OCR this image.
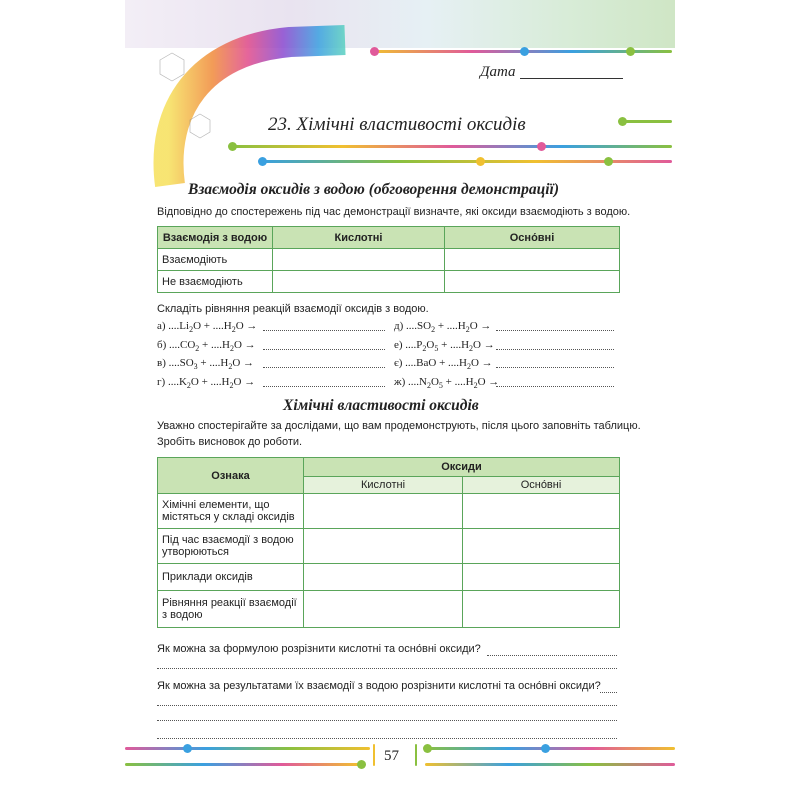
Дата
23. Хімічні властивості оксидів
Взаємодія оксидів з водою (обговорення демонстрації)
Відповідно до спостережень під час демонстрації визначте, які оксиди взаємодіють з водою.
Взаємодія з водою	Кислотні	Осно́вні
Взаємодіють		
Не взаємодіють		
Складіть рівняння реакцій взаємодії оксидів з водою.
Хімічні властивості оксидів
Уважно спостерігайте за дослідами, що вам продемонструють, після цього заповніть таблицю.
Зробіть висновок до роботи.
Ознака	Оксиди	
	Кислотні	Осно́вні
Хімічні елементи, що містяться у складі оксидів		
Під час взаємодії з водою утворюються		
Приклади оксидів		
Рівняння реакції взаємодії з водою		
Як можна за формулою розрізнити кислотні та осно́вні оксиди?
Як можна за результатами їх взаємодії з водою розрізнити кислотні та осно́вні оксиди?
57
а) $....Li_2O + ....H_2O$ →
б) $....CO_2 + ....H_2O$ →
в) $....SO_3 + ....H_2O$ →
г) $....K_2O + ....H_2O$ →
д) $....SO_2 + ....H_2O$ →
е) $....P_2O_5 + ....H_2O$ →
є) $....BaO + ....H_2O$ →
ж) $....N_2O_5 + ....H_2O$ →
